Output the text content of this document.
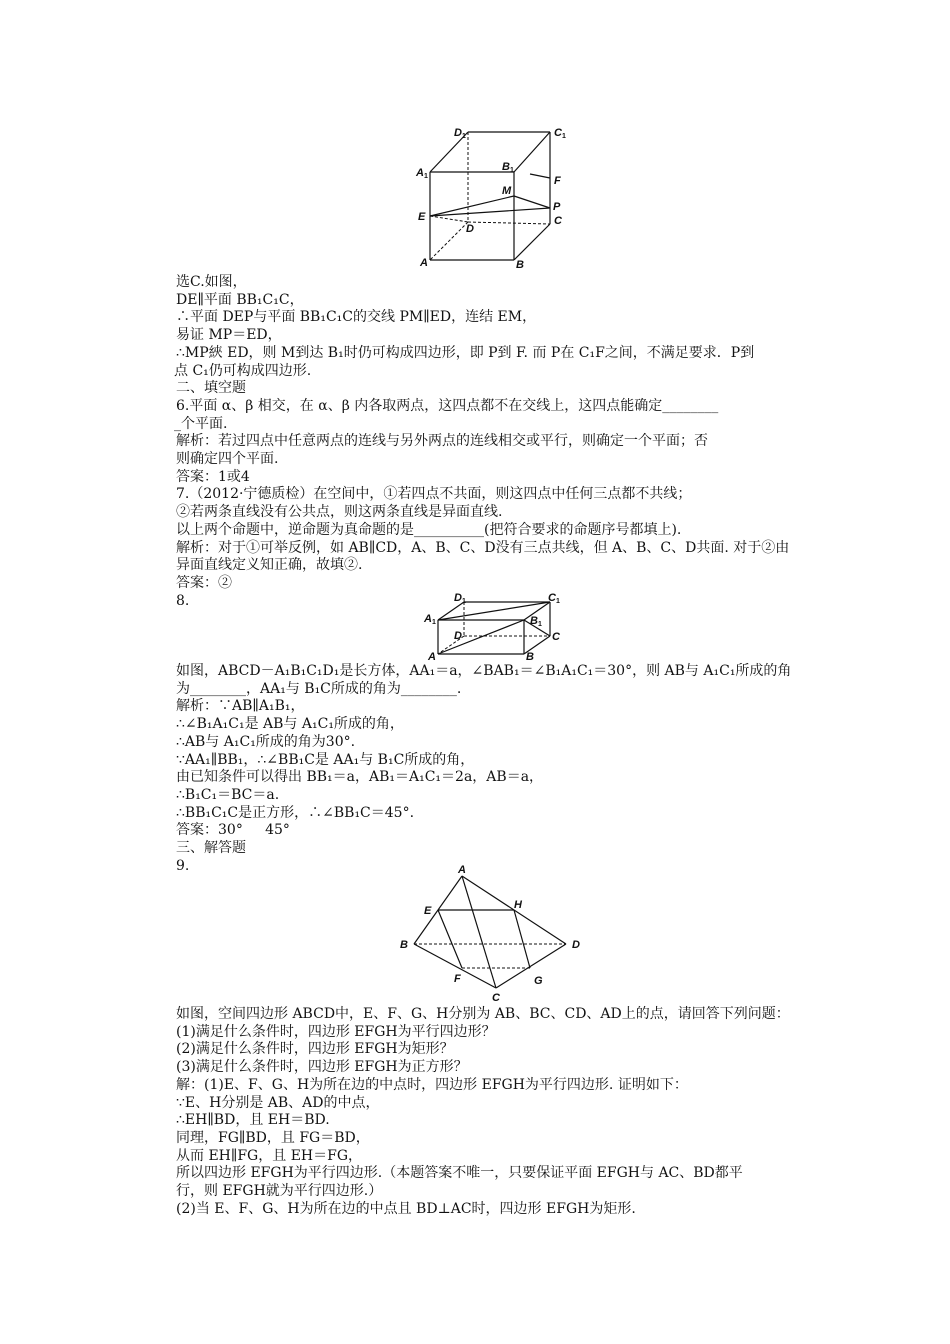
D 1	C 1
A 1
B 1
M
F
E
P
C
D
A	B
D 1	C 1
A 1	B 1
D	C
A	B
A
E	H
B	D
F	G
C
选C.如图，
DE∥平面 BB₁C₁C，
∴平面 DEP与平面 BB₁C₁C的交线 PM∥ED，连结 EM，
易证 MP＝ED，
∴MP綊 ED，则 M到达 B₁时仍可构成四边形，即 P到 F. 而 P在 C₁F之间，不满足要求．P到
点 C₁仍可构成四边形.
二、填空题
6.平面 α、β 相交，在 α、β 内各取两点，这四点都不在交线上，这四点能确定________
_个平面.
解析：若过四点中任意两点的连线与另外两点的连线相交或平行，则确定一个平面；否
则确定四个平面.
答案：1或4
7.（2012·宁德质检）在空间中，①若四点不共面，则这四点中任何三点都不共线；
②若两条直线没有公共点，则这两条直线是异面直线.
以上两个命题中，逆命题为真命题的是__________(把符合要求的命题序号都填上).
解析：对于①可举反例，如 AB∥CD，A、B、C、D没有三点共线，但 A、B、C、D共面. 对于②由
异面直线定义知正确，故填②.
答案：②
8.
如图，ABCD－A₁B₁C₁D₁是长方体，AA₁＝a，∠BAB₁＝∠B₁A₁C₁＝30°，则 AB与 A₁C₁所成的角
为________，AA₁与 B₁C所成的角为________.
解析：∵AB∥A₁B₁，
∴∠B₁A₁C₁是 AB与 A₁C₁所成的角，
∴AB与 A₁C₁所成的角为30°.
∵AA₁∥BB₁，∴∠BB₁C是 AA₁与 B₁C所成的角，
由已知条件可以得出 BB₁＝a，AB₁＝A₁C₁＝2a，AB＝a，
∴B₁C₁＝BC＝a.
∴BB₁C₁C是正方形，∴∠BB₁C＝45°.
答案：30°     45°
三、解答题
9.
如图，空间四边形 ABCD中，E、F、G、H分别为 AB、BC、CD、AD上的点，请回答下列问题：
(1)满足什么条件时，四边形 EFGH为平行四边形？
(2)满足什么条件时，四边形 EFGH为矩形？
(3)满足什么条件时，四边形 EFGH为正方形？
解：(1)E、F、G、H为所在边的中点时，四边形 EFGH为平行四边形. 证明如下：
∵E、H分别是 AB、AD的中点，
∴EH∥BD，且 EH＝BD.
同理，FG∥BD，且 FG＝BD，
从而 EH∥FG，且 EH＝FG，
所以四边形 EFGH为平行四边形.（本题答案不唯一，只要保证平面 EFGH与 AC、BD都平
行，则 EFGH就为平行四边形.）
(2)当 E、F、G、H为所在边的中点且 BD⊥AC时，四边形 EFGH为矩形.
